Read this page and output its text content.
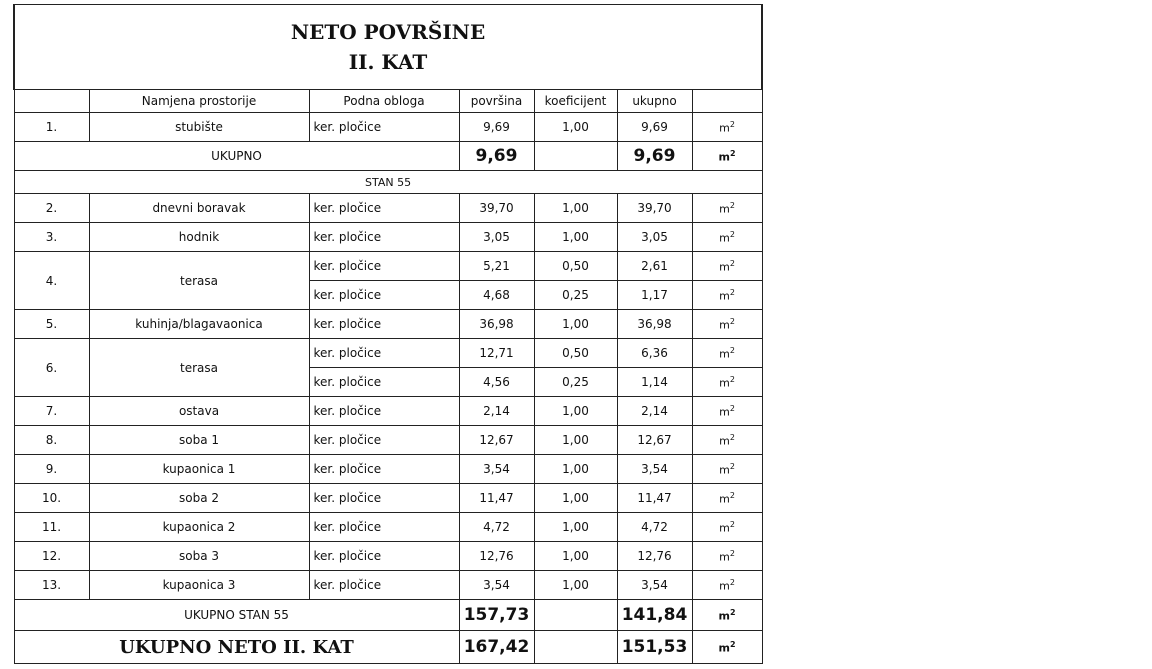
NETO POVRŠINE
II. KAT						

	Namjena prostorije	Podna obloga	površina	koeficijent	ukupno	
1.	stubište	ker. pločice	9,69	1,00	9,69	$m^2$
UKUPNO			9,69		9,69	$m^2$
STAN 55						
2.	dnevni boravak	ker. pločice	39,70	1,00	39,70	$m^2$
3.	hodnik	ker. pločice	3,05	1,00	3,05	$m^2$
4.	terasa	ker. pločice	5,21	0,50	2,61	$m^2$
		ker. pločice	4,68	0,25	1,17	$m^2$
5.	kuhinja/blagavaonica	ker. pločice	36,98	1,00	36,98	$m^2$
6.	terasa	ker. pločice	12,71	0,50	6,36	$m^2$
		ker. pločice	4,56	0,25	1,14	$m^2$
7.	ostava	ker. pločice	2,14	1,00	2,14	$m^2$
8.	soba 1	ker. pločice	12,67	1,00	12,67	$m^2$
9.	kupaonica 1	ker. pločice	3,54	1,00	3,54	$m^2$
10.	soba 2	ker. pločice	11,47	1,00	11,47	$m^2$
11.	kupaonica 2	ker. pločice	4,72	1,00	4,72	$m^2$
12.	soba 3	ker. pločice	12,76	1,00	12,76	$m^2$
13.	kupaonica 3	ker. pločice	3,54	1,00	3,54	$m^2$
UKUPNO STAN 55			157,73		141,84	$m^2$
UKUPNO NETO II. KAT			167,42		151,53	$m^2$
